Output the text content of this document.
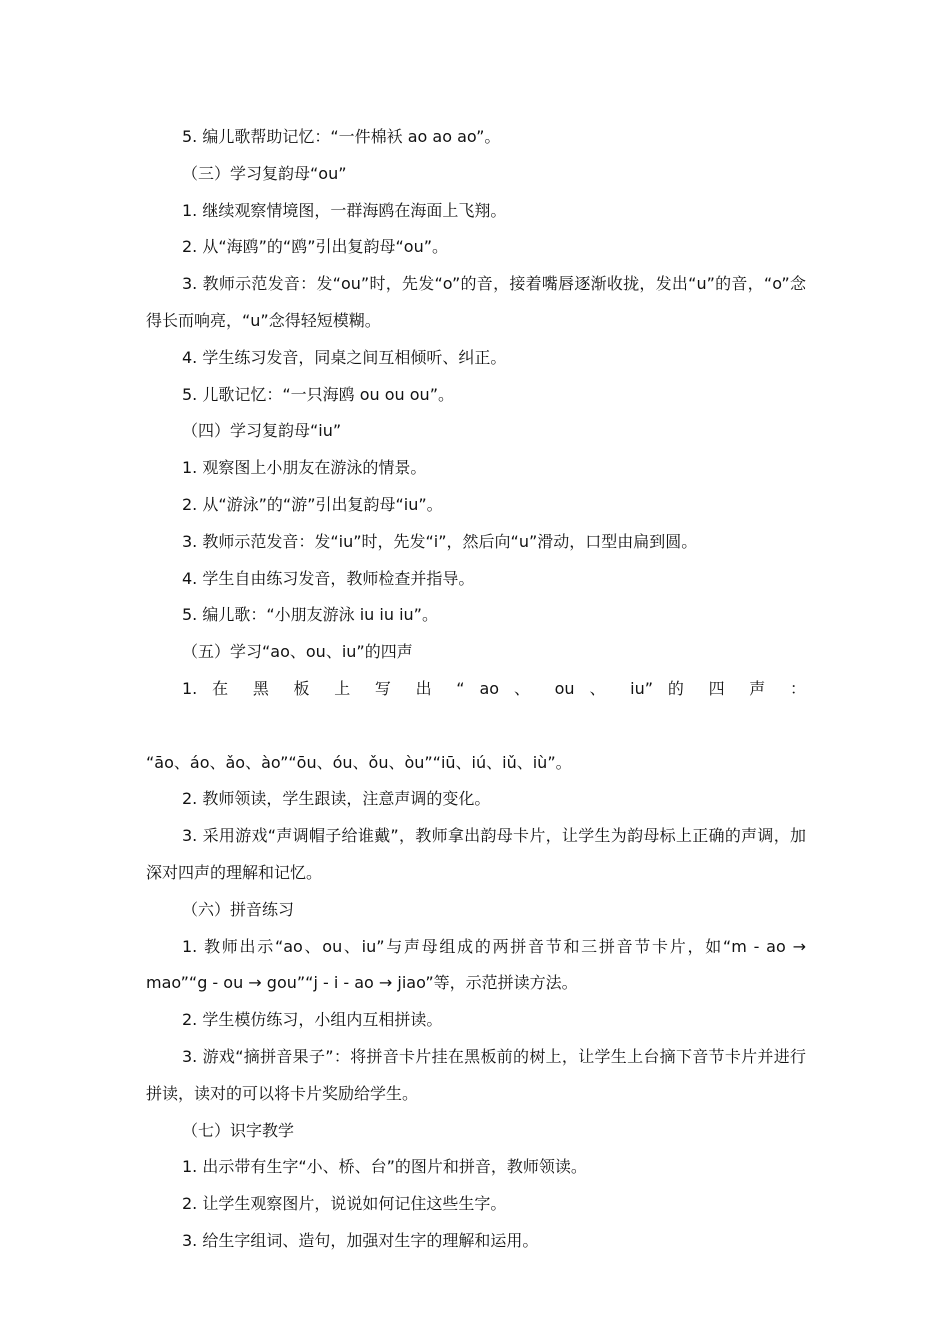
5. 编儿歌帮助记忆：“一件棉袄 ao ao ao”。

（三）学习复韵母“ou”

1. 继续观察情境图，一群海鸥在海面上飞翔。

2. 从“海鸥”的“鸥”引出复韵母“ou”。

3. 教师示范发音：发“ou”时，先发“o”的音，接着嘴唇逐渐收拢，发出“u”的音，“o”念得长而响亮，“u”念得轻短模糊。

4. 学生练习发音，同桌之间互相倾听、纠正。

5. 儿歌记忆：“一只海鸥 ou ou ou”。

（四）学习复韵母“iu”

1. 观察图上小朋友在游泳的情景。

2. 从“游泳”的“游”引出复韵母“iu”。

3. 教师示范发音：发“iu”时，先发“i”，然后向“u”滑动，口型由扁到圆。

4. 学生自由练习发音，教师检查并指导。

5. 编儿歌：“小朋友游泳 iu iu iu”。

（五）学习“ao、ou、iu”的四声

1. 在 黑 板 上 写 出 “ ao 、 ou 、 iu” 的 四 声 ：

“āo、áo、ǎo、ào”“ōu、óu、ǒu、òu”“iū、iú、iǔ、iù”。

2. 教师领读，学生跟读，注意声调的变化。

3. 采用游戏“声调帽子给谁戴”，教师拿出韵母卡片，让学生为韵母标上正确的声调，加深对四声的理解和记忆。

（六）拼音练习

1. 教师出示“ao、ou、iu”与声母组成的两拼音节和三拼音节卡片，如“m - ao → mao”“g - ou → gou”“j - i - ao → jiao”等，示范拼读方法。

2. 学生模仿练习，小组内互相拼读。

3. 游戏“摘拼音果子”：将拼音卡片挂在黑板前的树上，让学生上台摘下音节卡片并进行拼读，读对的可以将卡片奖励给学生。

（七）识字教学

1. 出示带有生字“小、桥、台”的图片和拼音，教师领读。

2. 让学生观察图片，说说如何记住这些生字。

3. 给生字组词、造句，加强对生字的理解和运用。
